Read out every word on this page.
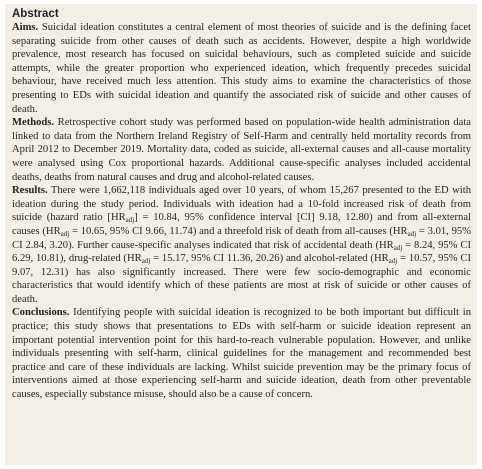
Abstract

Aims. Suicidal ideation constitutes a central element of most theories of suicide and is the defining facet separating suicide from other causes of death such as accidents. However, despite a high worldwide prevalence, most research has focused on suicidal behaviours, such as completed suicide and suicide attempts, while the greater proportion who experienced ideation, which frequently precedes suicidal behaviour, have received much less attention. This study aims to examine the characteristics of those presenting to EDs with suicidal ideation and quantify the associated risk of suicide and other causes of death.

Methods. Retrospective cohort study was performed based on population-wide health administration data linked to data from the Northern Ireland Registry of Self-Harm and centrally held mortality records from April 2012 to December 2019. Mortality data, coded as suicide, all-external causes and all-cause mortality were analysed using Cox proportional hazards. Additional cause-specific analyses included accidental deaths, deaths from natural causes and drug and alcohol-related causes.

Results. There were 1,662,118 individuals aged over 10 years, of whom 15,267 presented to the ED with ideation during the study period. Individuals with ideation had a 10-fold increased risk of death from suicide (hazard ratio $[HR_{adj}] = 10.84$, 95% confidence interval [CI] 9.18, 12.80) and from all-external causes ($HR_{adj} = 10.65$, 95% CI 9.66, 11.74) and a threefold risk of death from all-causes ($HR_{adj} = 3.01$, 95% CI 2.84, 3.20). Further cause-specific analyses indicated that risk of accidental death ($HR_{adj} = 8.24$, 95% CI 6.29, 10.81), drug-related ($HR_{adj} = 15.17$, 95% CI 11.36, 20.26) and alcohol-related ($HR_{adj} = 10.57$, 95% CI 9.07, 12.31) has also significantly increased. There were few socio-demographic and economic characteristics that would identify which of these patients are most at risk of suicide or other causes of death.

Conclusions. Identifying people with suicidal ideation is recognized to be both important but difficult in practice; this study shows that presentations to EDs with self-harm or suicide ideation represent an important potential intervention point for this hard-to-reach vulnerable population. However, and unlike individuals presenting with self-harm, clinical guidelines for the management and recommended best practice and care of these individuals are lacking. Whilst suicide prevention may be the primary focus of interventions aimed at those experiencing self-harm and suicide ideation, death from other preventable causes, especially substance misuse, should also be a cause of concern.
